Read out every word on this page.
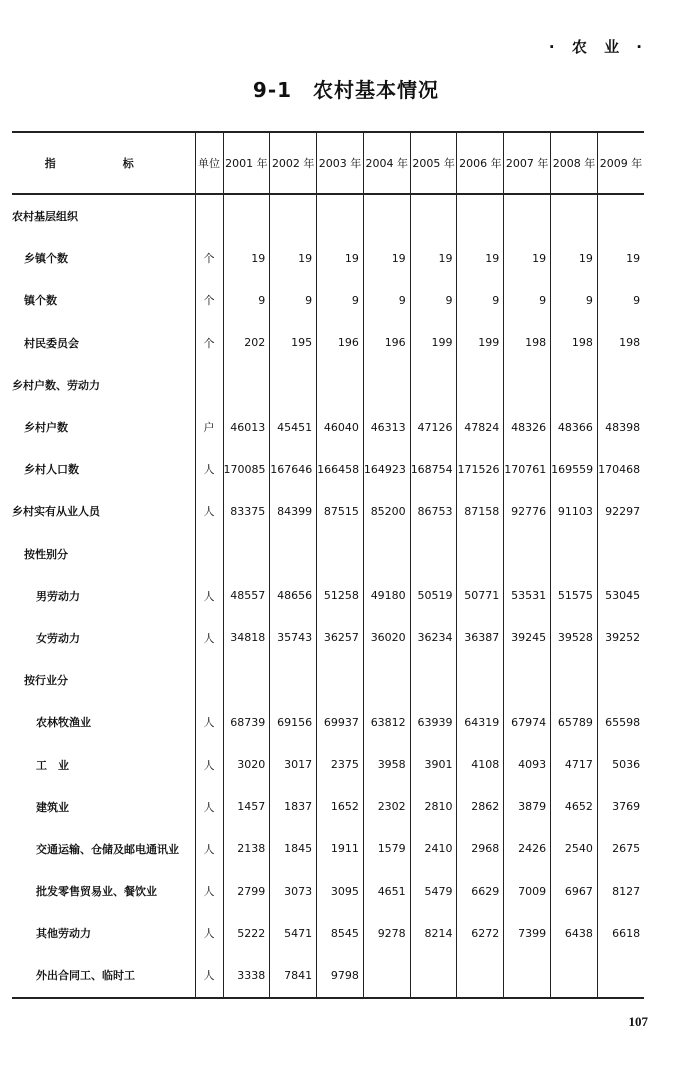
· 农 业 ·
9-1　农村基本情况
指　标	单位	2001 年	2002 年	2003 年	2004 年	2005 年	2006 年	2007 年	2008 年	2009 年
农村基层组织										
乡镇个数	个	19	19	19	19	19	19	19	19	19
镇个数	个	9	9	9	9	9	9	9	9	9
村民委员会	个	202	195	196	196	199	199	198	198	198
乡村户数、劳动力										
乡村户数	户	46013	45451	46040	46313	47126	47824	48326	48366	48398
乡村人口数	人	170085	167646	166458	164923	168754	171526	170761	169559	170468
乡村实有从业人员	人	83375	84399	87515	85200	86753	87158	92776	91103	92297
按性别分										
男劳动力	人	48557	48656	51258	49180	50519	50771	53531	51575	53045
女劳动力	人	34818	35743	36257	36020	36234	36387	39245	39528	39252
按行业分										
农林牧渔业	人	68739	69156	69937	63812	63939	64319	67974	65789	65598
工　业	人	3020	3017	2375	3958	3901	4108	4093	4717	5036
建筑业	人	1457	1837	1652	2302	2810	2862	3879	4652	3769
交通运输、仓储及邮电通讯业	人	2138	1845	1911	1579	2410	2968	2426	2540	2675
批发零售贸易业、餐饮业	人	2799	3073	3095	4651	5479	6629	7009	6967	8127
其他劳动力	人	5222	5471	8545	9278	8214	6272	7399	6438	6618
外出合同工、临时工	人	3338	7841	9798						
107
